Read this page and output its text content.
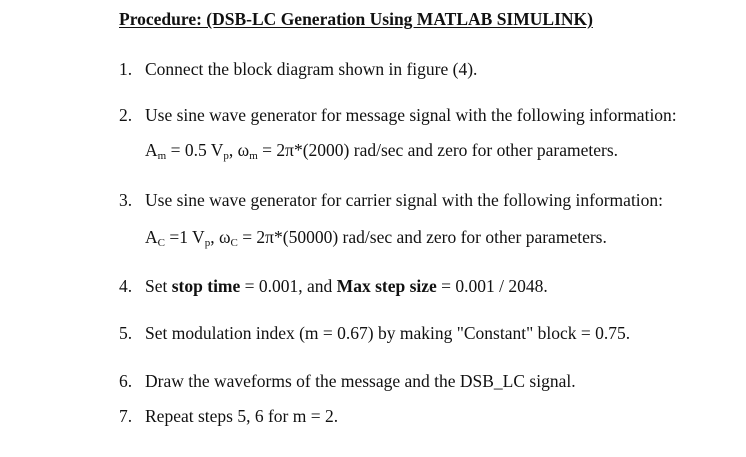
Procedure: (DSB-LC Generation Using MATLAB SIMULINK)
1. Connect the block diagram shown in figure (4).
2. Use sine wave generator for message signal with the following information:
$A_m = 0.5$ $V_p$, $\omega_m = 2\pi*(2000)$ rad/sec and zero for other parameters.
3. Use sine wave generator for carrier signal with the following information:
$A_C =1$ $V_p$, $\omega_C = 2\pi*(50000)$ rad/sec and zero for other parameters.
4. Set stop time = 0.001, and Max step size = 0.001 / 2048.
5. Set modulation index (m = 0.67) by making "Constant" block = 0.75.
6. Draw the waveforms of the message and the DSB_LC signal.
7. Repeat steps 5, 6 for m = 2.
